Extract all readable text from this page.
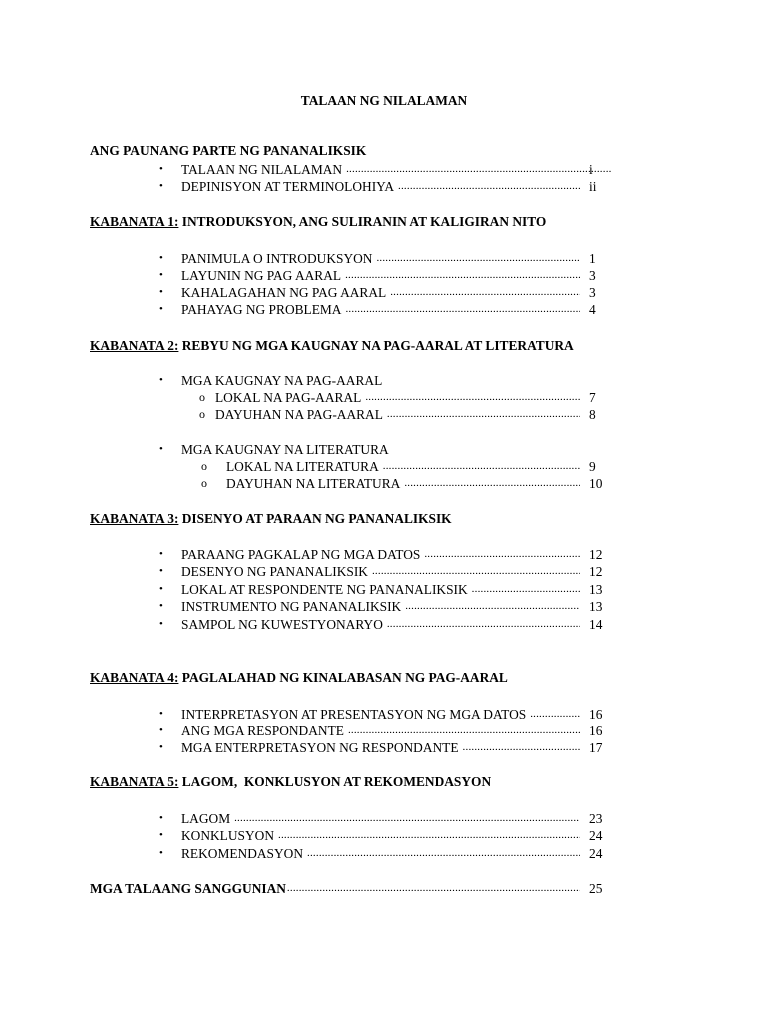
TALAAN NG NILALAMAN
ANG PAUNANG PARTE NG PANANALIKSIK
•	TALAAN NG NILALAMAN .....	i
•	DEPINISYON AT TERMINOLOHIYA .....	ii
KABANATA 1: INTRODUKSYON, ANG SULIRANIN AT KALIGIRAN NITO
•	PANIMULA O INTRODUKSYON .....	1
•	LAYUNIN NG PAG AARAL .....	3
•	KAHALAGAHAN NG PAG AARAL .....	3
•	PAHAYAG NG PROBLEMA .....	4
KABANATA 2: REBYU NG MGA KAUGNAY NA PAG-AARAL AT LITERATURA
•	MGA KAUGNAY NA PAG-AARAL
o LOKAL NA PAG-AARAL .....	7
o DAYUHAN NA PAG-AARAL .....	8
•	MGA KAUGNAY NA LITERATURA
o	LOKAL NA LITERATURA .....	9
o	DAYUHAN NA LITERATURA .....	10
KABANATA 3: DISENYO AT PARAAN NG PANANALIKSIK
•	PARAANG PAGKALAP NG MGA DATOS .....	12
•	DESENYO NG PANANALIKSIK .....	12
•	LOKAL AT RESPONDENTE NG PANANALIKSIK .....	13
•	INSTRUMENTO NG PANANALIKSIK .....	13
•	SAMPOL NG KUWESTYONARYO .....	14
KABANATA 4: PAGLALAHAD NG KINALABASAN NG PAG-AARAL
•	INTERPRETASYON AT PRESENTASYON NG MGA DATOS .....	16
•	ANG MGA RESPONDANTE .....	16
•	MGA ENTERPRETASYON NG RESPONDANTE .....	17
KABANATA 5: LAGOM,  KONKLUSYON AT REKOMENDASYON
•	LAGOM .....	23
•	KONKLUSYON .....	24
•	REKOMENDASYON .....	24
MGA TALAANG SANGGUNIAN .....	25
